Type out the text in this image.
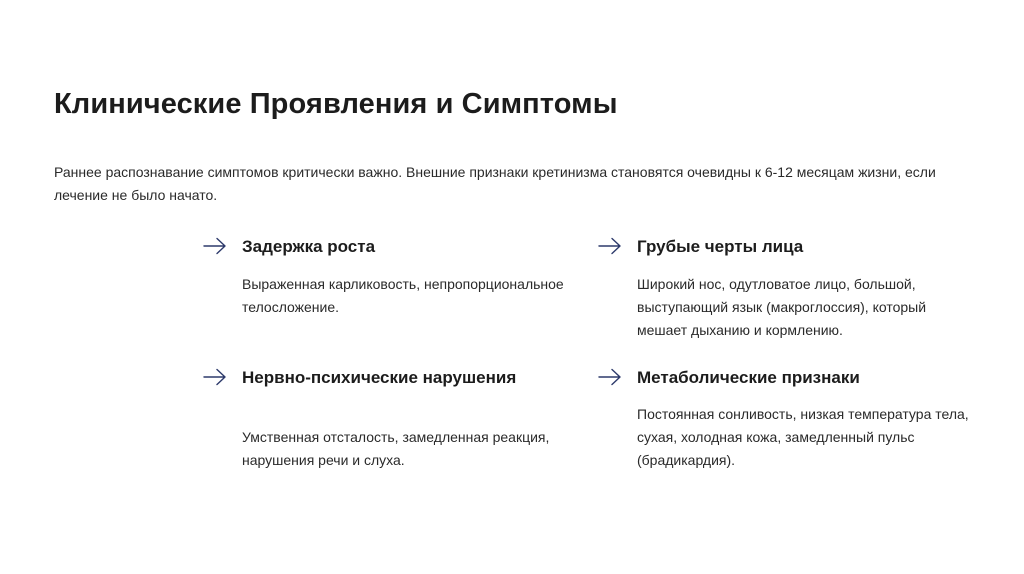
Клинические Проявления и Симптомы

Раннее распознавание симптомов критически важно. Внешние признаки кретинизма становятся очевидны к 6-12 месяцам жизни, если лечение не было начато.

Задержка роста

Выраженная карликовость, непропорциональное телосложение.

Грубые черты лица

Широкий нос, одутловатое лицо, большой, выступающий язык (макроглоссия), который мешает дыханию и кормлению.

Нервно-психические нарушения

Умственная отсталость, замедленная реакция, нарушения речи и слуха.

Метаболические признаки

Постоянная сонливость, низкая температура тела, сухая, холодная кожа, замедленный пульс (брадикардия).
